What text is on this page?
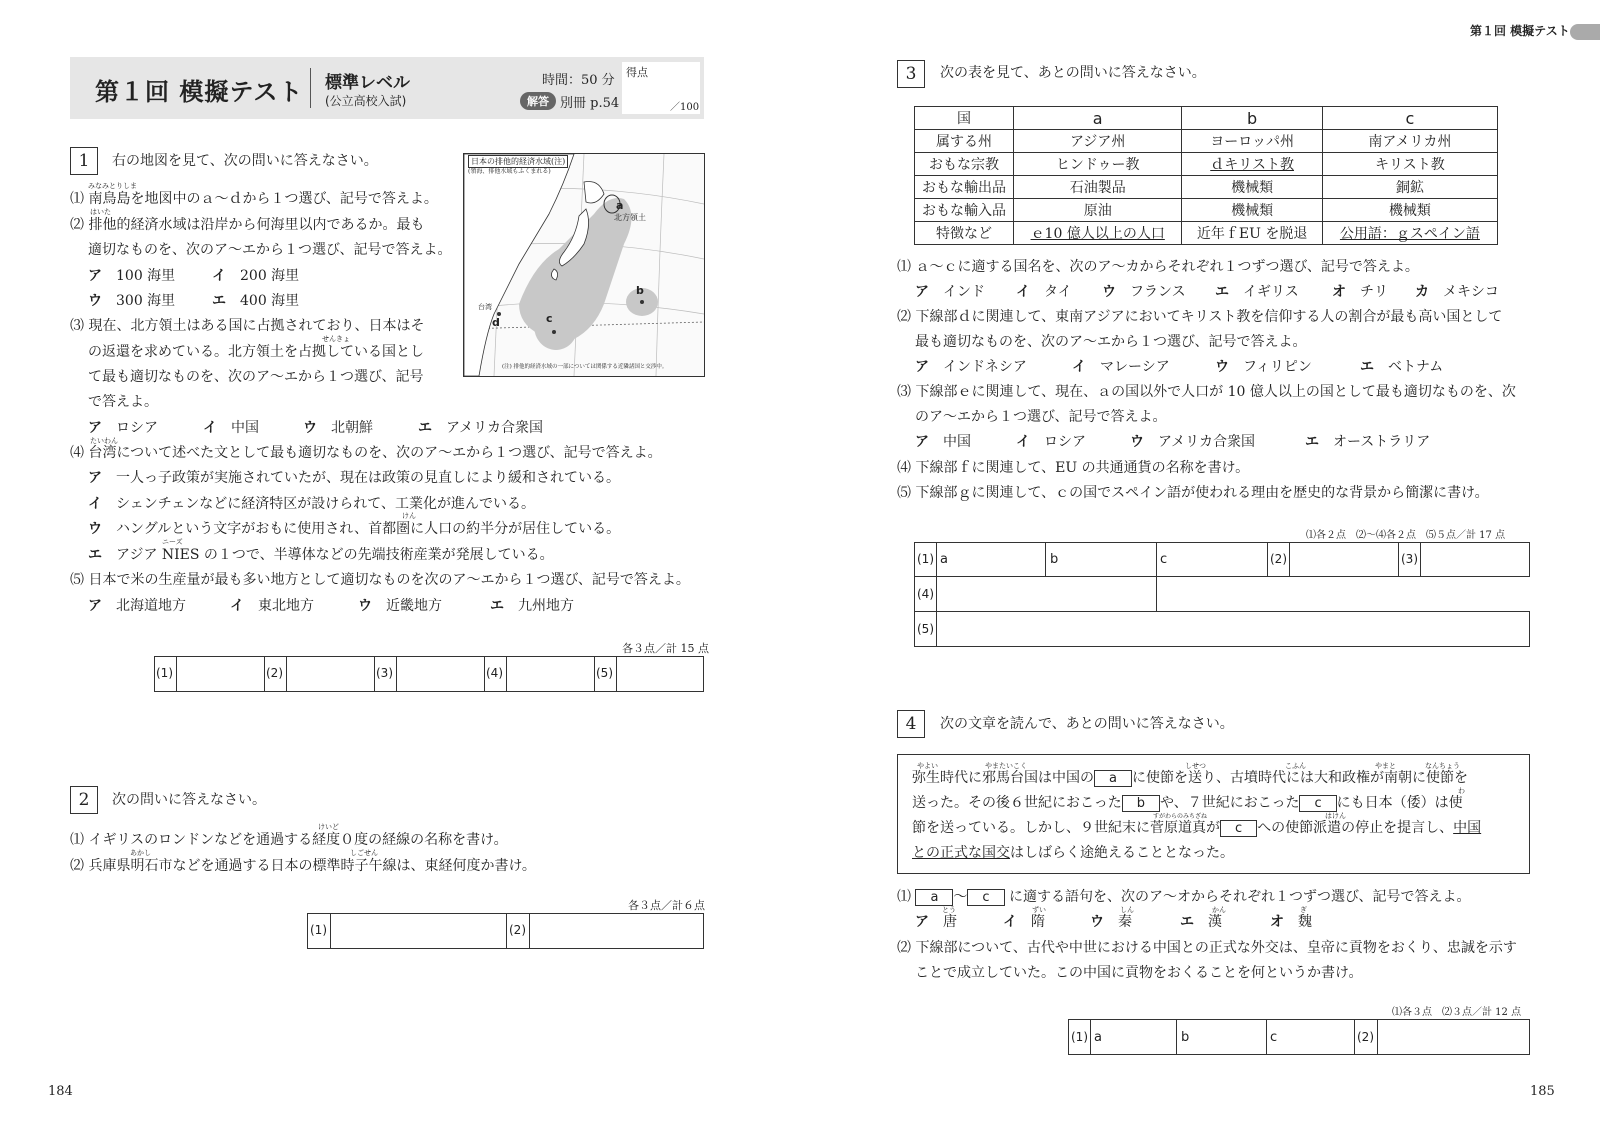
第１回 模擬テスト 標準レベル
(公立高校入試)
時間：50 分
解答 別冊 p.54
得点
／100
1	右の地図を見て、次の問いに答えなさい。	日本の排他的経済水域(注)
(領海、排他水域もふくまれる)
a
北方領土
b
c
d
台湾
(注) 排他的経済水域の一部については関係する近隣諸国と交渉中。
みなみとりしま
⑴ 南鳥島を地図中のａ～ｄから１つ選び、記号で答えよ。
はいた
⑵ 排他的経済水域は沿岸から何海里以内であるか。最も
適切なものを、次のア～エから１つ選び、記号で答えよ。
ア　 100 海里	イ　 200 海里
ウ　 300 海里	エ　 400 海里
⑶ 現在、北方領土はある国に占拠されており、日本はそ
せんきょ
の返還を求めている。北方領土を占拠している国とし
て最も適切なものを、次のア～エから１つ選び、記号
で答えよ。
ア　 ロシア	イ　 中国	ウ　 北朝鮮	エ　 アメリカ合衆国
たいわん
⑷ 台湾について述べた文として最も適切なものを、次のア～エから１つ選び、記号で答えよ。
ア　 一人っ子政策が実施されていたが、現在は政策の見直しにより緩和されている。
イ　 シェンチェンなどに経済特区が設けられて、工業化が進んでいる。
けん
ウ　 ハングルという文字がおもに使用され、首都圏に人口の約半分が居住している。
ニーズ
エ　 アジア NIES の１つで、半導体などの先端技術産業が発展している。
⑸ 日本で米の生産量が最も多い地方として適切なものを次のア～エから１つ選び、記号で答えよ。
ア　 北海道地方	イ　 東北地方	ウ　 近畿地方	エ　 九州地方
各３点／計 15 点
(1)	(2)	(3)	(4)	(5)
2	次の問いに答えなさい。
けいど
⑴ イギリスのロンドンなどを通過する経度０度の経線の名称を書け。
あかし	しごせん
⑵ 兵庫県明石市などを通過する日本の標準時子午線は、東経何度か書け。
各３点／計６点
(1)	(2)
184
第１回 模擬テスト
3	次の表を見て、あとの問いに答えなさい。
国	a	b	c
属する州	アジア州	ヨーロッパ州	南アメリカ州
おもな宗教	ヒンドゥー教	ｄキリスト教	キリスト教
おもな輸出品	石油製品	機械類	銅鉱
おもな輸入品	原油	機械類	機械類
特徴など	ｅ10 億人以上の人口	近年ｆEU を脱退	公用語：ｇスペイン語
⑴ ａ～ｃに適する国名を、次のア～カからそれぞれ１つずつ選び、記号で答えよ。
ア　 インド イ　 タイ ウ　 フランス エ　 イギリス オ　 チリ カ　 メキシコ
⑵ 下線部ｄに関連して、東南アジアにおいてキリスト教を信仰する人の割合が最も高い国として
最も適切なものを、次のア～エから１つ選び、記号で答えよ。
ア　 インドネシア	イ　 マレーシア	ウ　 フィリピン	エ　 ベトナム
⑶ 下線部ｅに関連して、現在、ａの国以外で人口が 10 億人以上の国として最も適切なものを、次
のア～エから１つ選び、記号で答えよ。
ア　 中国	イ　 ロシア	ウ　 アメリカ合衆国	エ　 オーストラリア
⑷ 下線部ｆに関連して、EU の共通通貨の名称を書け。
⑸ 下線部ｇに関連して、ｃの国でスペイン語が使われる理由を歴史的な背景から簡潔に書け。
⑴各２点　⑵～⑷各２点　⑸５点／計 17 点
(1) a	b	c	(2)	(3)
(4)
(5)
4	次の文章を読んで、あとの問いに答えなさい。
やよい	やまたいこく	しせつ	こふん	やまと	なんちょう
弥生時代に邪馬台国は中国の a に使節を送り、古墳時代には大和政権が南朝に使節を
わ
送った。その後６世紀におこった b や、７世紀におこった c にも日本（倭）は使
すがわらのみちざね	はけん
節を送っている。しかし、９世紀末に菅原道真が c への使節派遣の停止を提言し、中国
との正式な国交はしばらく途絶えることとなった。
⑴ a ～ c に適する語句を、次のア～オからそれぞれ１つずつ選び、記号で答えよ。
とう	ずい	しん	かん	ぎ
ア　 唐	イ　 隋	ウ　 秦	エ　 漢	オ　 魏
⑵ 下線部について、古代や中世における中国との正式な外交は、皇帝に貢物をおくり、忠誠を示す
ことで成立していた。この中国に貢物をおくることを何というか書け。
⑴各３点　⑵３点／計 12 点
(1) a	b	c	(2)
185
